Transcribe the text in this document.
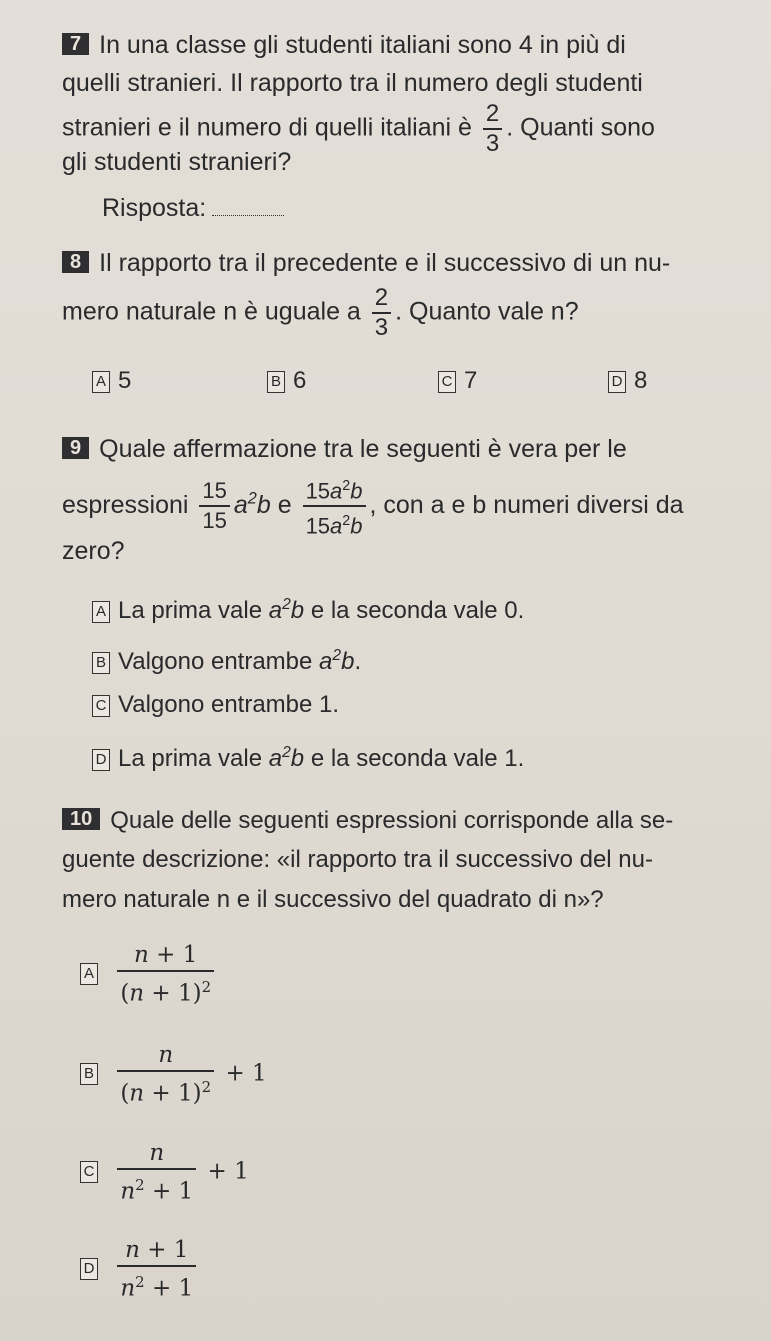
7 In una classe gli studenti italiani sono 4 in più di
quelli stranieri. Il rapporto tra il numero degli studenti
stranieri e il numero di quelli italiani è $\frac{2}{3}$ . Quanti sono
gli studenti stranieri?
Risposta:
8 Il rapporto tra il precedente e il successivo di un nu-
mero naturale n è uguale a $\frac{2}{3}$ . Quanto vale n?
A 5	B 6	C 7	D 8
9 Quale affermazione tra le seguenti è vera per le
espressioni $\frac{15}{15} a^2b$ e $\frac{15a^2b}{15a^2b}$ , con a e b numeri diversi da
zero?
A La prima vale $a^2b$ e la seconda vale 0.
B Valgono entrambe $a^2b$.
C Valgono entrambe 1.
D La prima vale $a^2b$ e la seconda vale 1.
10 Quale delle seguenti espressioni corrisponde alla se-
guente descrizione: «il rapporto tra il successivo del nu-
mero naturale n e il successivo del quadrato di n»?
A $\frac{n + 1}{(n + 1)^2}$
B $\frac{n}{(n + 1)^2} + 1$
C $\frac{n}{n^2 + 1} + 1$
D $\frac{n + 1}{n^2 + 1}$
